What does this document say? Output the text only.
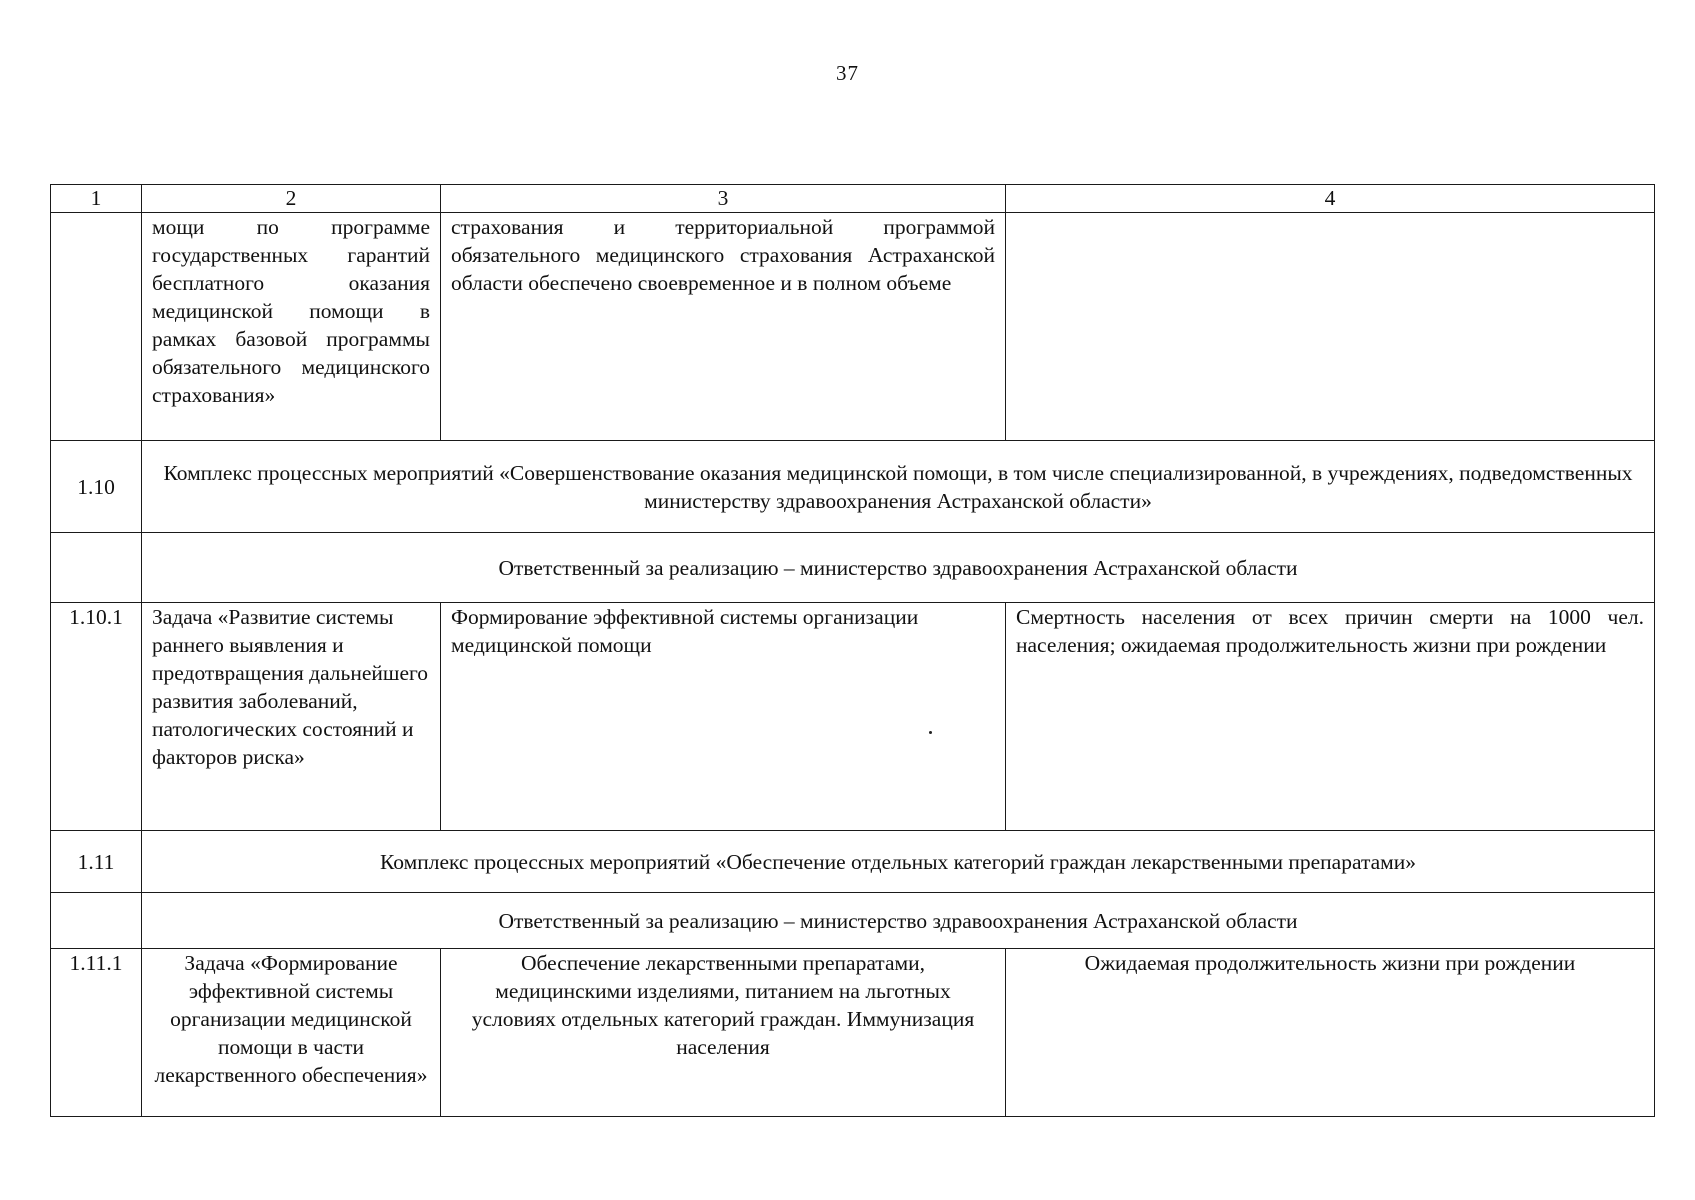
37
1	2	3	4
	мощи по программе государственных гарантий бесплатного оказания медицинской помощи в рамках базовой программы обязательного медицинского страхования»	страхования и территориальной программой обязательного медицинского страхования Астраханской области обеспечено своевременное и в полном объеме	
1.10	Комплекс процессных мероприятий «Совершенствование оказания медицинской помощи, в том числе специализированной, в учреждениях, подведомственных министерству здравоохранения Астраханской области»		
	Ответственный за реализацию – министерство здравоохранения Астраханской области		
1.10.1	Задача «Развитие системы раннего выявления и предотвращения дальнейшего развития заболеваний, патологических состояний и факторов риска»	Формирование эффективной системы организации медицинской помощи	Смертность населения от всех причин смерти на 1000 чел. населения; ожидаемая продолжительность жизни при рождении
1.11	Комплекс процессных мероприятий «Обеспечение отдельных категорий граждан лекарственными препаратами»		
	Ответственный за реализацию – министерство здравоохранения Астраханской области		
1.11.1	Задача «Формирование эффективной системы организации медицинской помощи в части лекарственного обеспечения»	Обеспечение лекарственными препаратами, медицинскими изделиями, питанием на льготных условиях отдельных категорий граждан. Иммунизация населения	Ожидаемая продолжительность жизни при рождении
